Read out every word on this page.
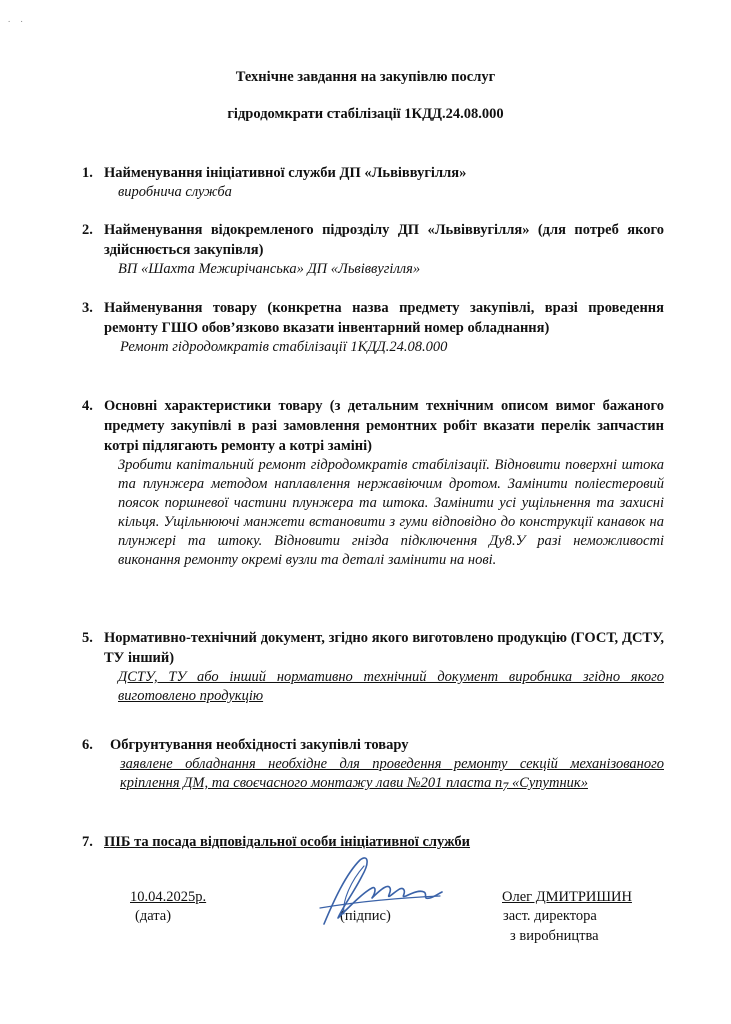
. .
Технічне завдання на закупівлю послуг
гідродомкрати стабілізації 1КДД.24.08.000
1. Найменування ініціативної служби ДП «Львіввугілля»
виробнича служба
2. Найменування відокремленого підрозділу ДП «Львіввугілля» (для потреб якого здійснюється закупівля)
ВП «Шахта Межирічанська» ДП «Львіввугілля»
3. Найменування товару (конкретна назва предмету закупівлі, вразі проведення ремонту ГШО обов’язково вказати інвентарний номер обладнання)
Ремонт гідродомкратів стабілізації 1КДД.24.08.000
4. Основні характеристики товару (з детальним технічним описом вимог бажаного предмету закупівлі в разі замовлення ремонтних робіт вказати перелік запчастин котрі підлягають ремонту а котрі заміні)
Зробити капітальний ремонт гідродомкратів стабілізації. Відновити поверхні штока та плунжера методом наплавлення нержавіючим дротом. Замінити поліестеровий поясок поршневої частини плунжера та штока. Замінити усі ущільнення та захисні кільця. Ущільнюючі манжети встановити з гуми відповідно до конструкції канавок на плунжері та штоку. Відновити гнізда підключення Ду8.У разі неможливості виконання ремонту окремі вузли та деталі замінити на нові.
5. Нормативно-технічний документ, згідно якого виготовлено продукцію (ГОСТ, ДСТУ, ТУ інший)
ДСТУ, ТУ або інший нормативно технічний документ виробника згідно якого виготовлено продукцію
6.	Обгрунтування необхідності закупівлі товару
заявлене обладнання необхідне для проведення ремонту секцій механізованого кріплення ДМ, та своєчасного монтажу лави №201 пласта $n_7$ «Супутник»
7. ПІБ та посада відповідальної особи ініціативної служби
10.04.2025р.
(дата)	(підпис)
Олег ДМИТРИШИН
заст. директора
з виробництва
